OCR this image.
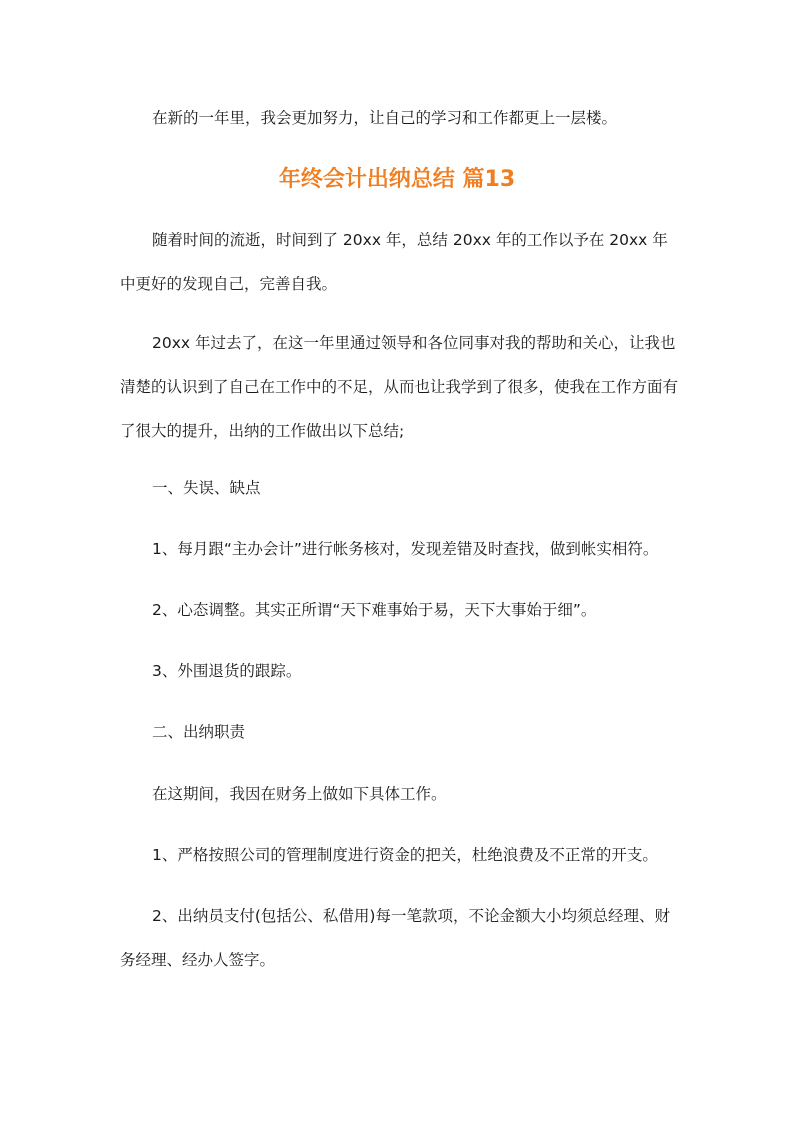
在新的一年里，我会更加努力，让自己的学习和工作都更上一层楼。

年终会计出纳总结 篇13

随着时间的流逝，时间到了 20xx 年，总结 20xx 年的工作以予在 20xx 年中更好的发现自己，完善自我。

20xx 年过去了，在这一年里通过领导和各位同事对我的帮助和关心，让我也清楚的认识到了自己在工作中的不足，从而也让我学到了很多，使我在工作方面有了很大的提升，出纳的工作做出以下总结;

一、失误、缺点

1、每月跟“主办会计”进行帐务核对，发现差错及时查找，做到帐实相符。

2、心态调整。其实正所谓“天下难事始于易，天下大事始于细”。

3、外围退货的跟踪。

二、出纳职责

在这期间，我因在财务上做如下具体工作。

1、严格按照公司的管理制度进行资金的把关，杜绝浪费及不正常的开支。

2、出纳员支付(包括公、私借用)每一笔款项，不论金额大小均须总经理、财务经理、经办人签字。
